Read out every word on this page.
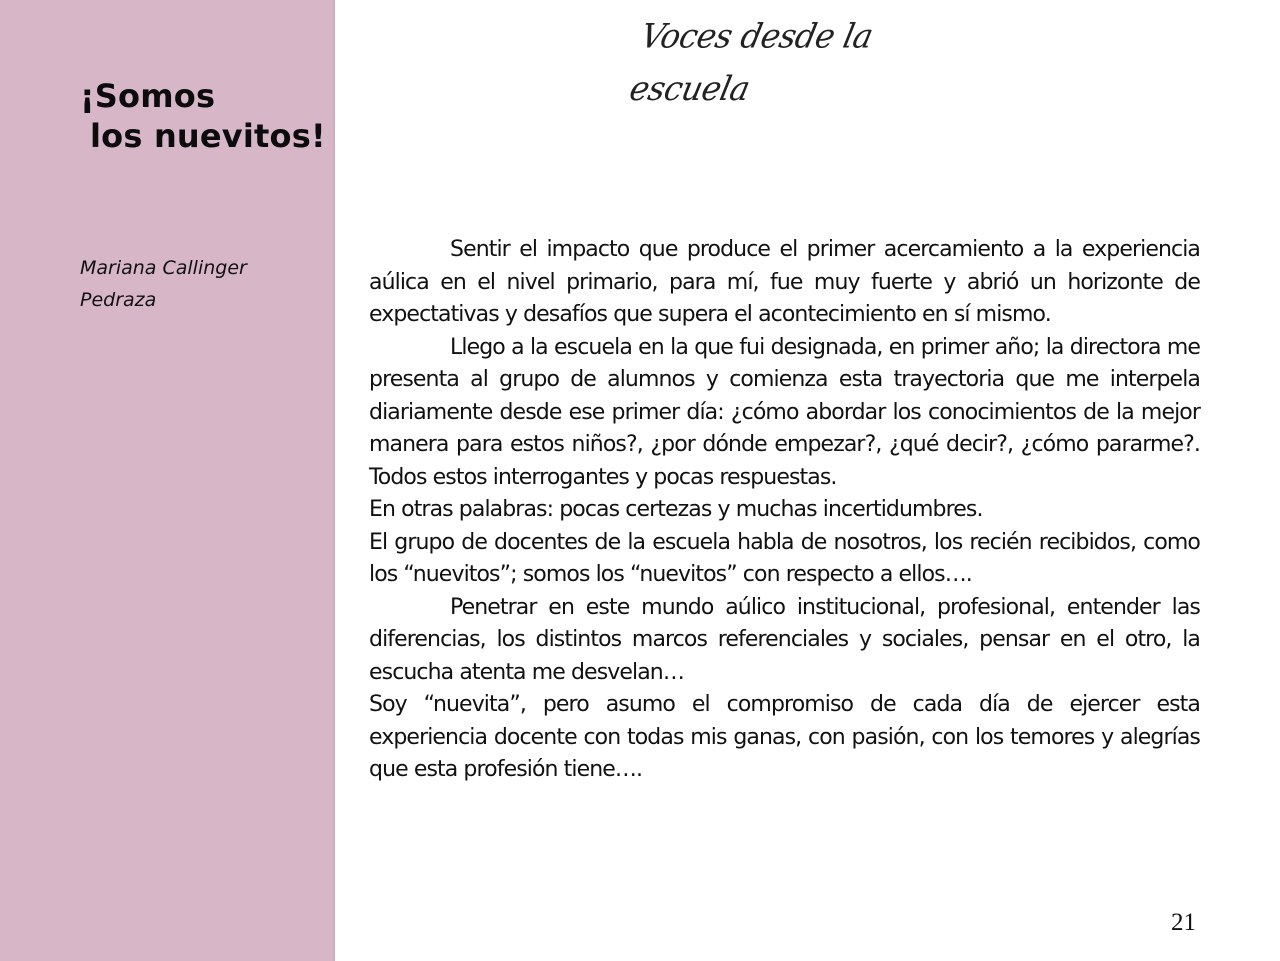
¡Somos
los nuevitos!
Mariana Callinger
Pedraza
Voces desde la escuela

Sentir el impacto que produce el primer acercamiento a la experiencia aúlica en el nivel primario, para mí, fue muy fuerte y abrió un horizonte de expectativas y desafíos que supera el acontecimiento en sí mismo.

Llego a la escuela en la que fui designada, en primer año; la directora me presenta al grupo de alumnos y comienza esta trayectoria que me interpela diariamente desde ese primer día: ¿cómo abordar los conocimientos de la mejor manera para estos niños?, ¿por dónde empezar?, ¿qué decir?, ¿cómo pararme?. Todos estos interrogantes y pocas respuestas.

En otras palabras: pocas certezas y muchas incertidumbres.

El grupo de docentes de la escuela habla de nosotros, los recién recibidos, como los “nuevitos”; somos los “nuevitos” con respecto a ellos….

Penetrar en este mundo aúlico institucional, profesional, entender las diferencias, los distintos marcos referenciales y sociales, pensar en el otro, la escucha atenta me desvelan…

Soy “nuevita”, pero asumo el compromiso de cada día de ejercer esta experiencia docente con todas mis ganas, con pasión, con los temores y alegrías que esta profesión tiene….

21
